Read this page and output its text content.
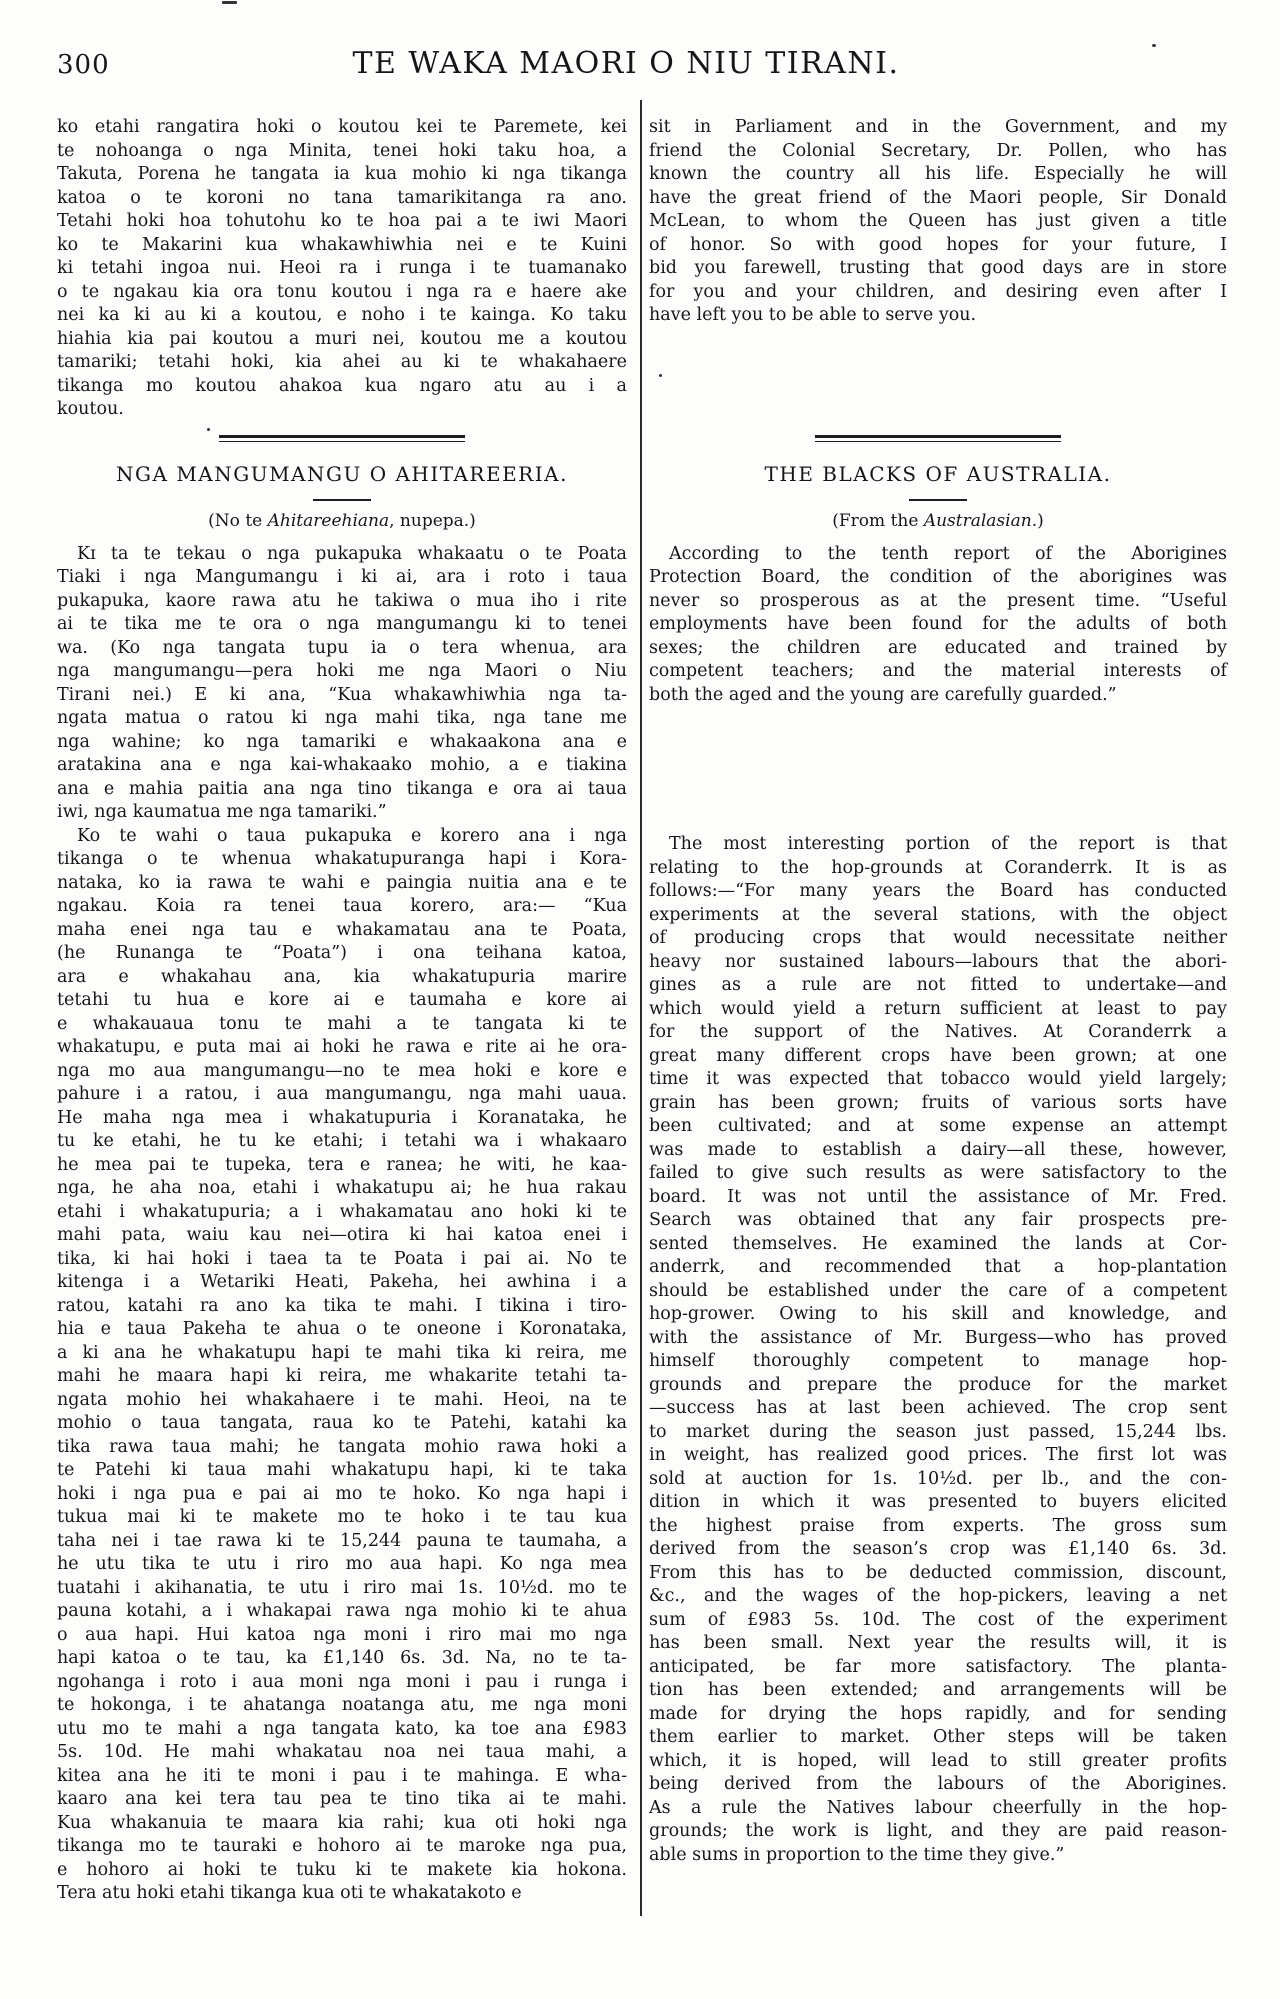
300	TE WAKA MAORI O NIU TIRANI.
ko etahi rangatira hoki o koutou kei te Paremete, kei
te nohoanga o nga Minita, tenei hoki taku hoa, a
Takuta, Porena he tangata ia kua mohio ki nga tikanga
katoa o te koroni no tana tamarikitanga ra ano.
Tetahi hoki hoa tohutohu ko te hoa pai a te iwi Maori
ko te Makarini kua whakawhiwhia nei e te Kuini
ki tetahi ingoa nui. Heoi ra i runga i te tuamanako
o te ngakau kia ora tonu koutou i nga ra e haere ake
nei ka ki au ki a koutou, e noho i te kainga. Ko taku
hiahia kia pai koutou a muri nei, koutou me a koutou
tamariki; tetahi hoki, kia ahei au ki te whakahaere
tikanga mo koutou ahakoa kua ngaro atu au i a
koutou.
NGA MANGUMANGU O AHITAREERIA.
(No te Ahitareehiana, nupepa.)
Kɪ ta te tekau o nga pukapuka whakaatu o te Poata
Tiaki i nga Mangumangu i ki ai, ara i roto i taua
pukapuka, kaore rawa atu he takiwa o mua iho i rite
ai te tika me te ora o nga mangumangu ki to tenei
wa. (Ko nga tangata tupu ia o tera whenua, ara
nga mangumangu—pera hoki me nga Maori o Niu
Tirani nei.) E ki ana, “Kua whakawhiwhia nga ta-
ngata matua o ratou ki nga mahi tika, nga tane me
nga wahine; ko nga tamariki e whakaakona ana e
aratakina ana e nga kai-whakaako mohio, a e tiakina
ana e mahia paitia ana nga tino tikanga e ora ai taua
iwi, nga kaumatua me nga tamariki.”
Ko te wahi o taua pukapuka e korero ana i nga
tikanga o te whenua whakatupuranga hapi i Kora-
nataka, ko ia rawa te wahi e paingia nuitia ana e te
ngakau. Koia ra tenei taua korero, ara:— “Kua
maha enei nga tau e whakamatau ana te Poata,
(he Runanga te “Poata”) i ona teihana katoa,
ara e whakahau ana, kia whakatupuria marire
tetahi tu hua e kore ai e taumaha e kore ai
e whakauaua tonu te mahi a te tangata ki te
whakatupu, e puta mai ai hoki he rawa e rite ai he ora-
nga mo aua mangumangu—no te mea hoki e kore e
pahure i a ratou, i aua mangumangu, nga mahi uaua.
He maha nga mea i whakatupuria i Koranataka, he
tu ke etahi, he tu ke etahi; i tetahi wa i whakaaro
he mea pai te tupeka, tera e ranea; he witi, he kaa-
nga, he aha noa, etahi i whakatupu ai; he hua rakau
etahi i whakatupuria; a i whakamatau ano hoki ki te
mahi pata, waiu kau nei—otira ki hai katoa enei i
tika, ki hai hoki i taea ta te Poata i pai ai. No te
kitenga i a Wetariki Heati, Pakeha, hei awhina i a
ratou, katahi ra ano ka tika te mahi. I tikina i tiro-
hia e taua Pakeha te ahua o te oneone i Koronataka,
a ki ana he whakatupu hapi te mahi tika ki reira, me
mahi he maara hapi ki reira, me whakarite tetahi ta-
ngata mohio hei whakahaere i te mahi. Heoi, na te
mohio o taua tangata, raua ko te Patehi, katahi ka
tika rawa taua mahi; he tangata mohio rawa hoki a
te Patehi ki taua mahi whakatupu hapi, ki te taka
hoki i nga pua e pai ai mo te hoko. Ko nga hapi i
tukua mai ki te makete mo te hoko i te tau kua
taha nei i tae rawa ki te 15,244 pauna te taumaha, a
he utu tika te utu i riro mo aua hapi. Ko nga mea
tuatahi i akihanatia, te utu i riro mai 1s. 10½d. mo te
pauna kotahi, a i whakapai rawa nga mohio ki te ahua
o aua hapi. Hui katoa nga moni i riro mai mo nga
hapi katoa o te tau, ka £1,140 6s. 3d. Na, no te ta-
ngohanga i roto i aua moni nga moni i pau i runga i
te hokonga, i te ahatanga noatanga atu, me nga moni
utu mo te mahi a nga tangata kato, ka toe ana £983
5s. 10d. He mahi whakatau noa nei taua mahi, a
kitea ana he iti te moni i pau i te mahinga. E wha-
kaaro ana kei tera tau pea te tino tika ai te mahi.
Kua whakanuia te maara kia rahi; kua oti hoki nga
tikanga mo te tauraki e hohoro ai te maroke nga pua,
e hohoro ai hoki te tuku ki te makete kia hokona.
Tera atu hoki etahi tikanga kua oti te whakatakoto e
sit in Parliament and in the Government, and my
friend the Colonial Secretary, Dr. Pollen, who has
known the country all his life. Especially he will
have the great friend of the Maori people, Sir Donald
McLean, to whom the Queen has just given a title
of honor. So with good hopes for your future, I
bid you farewell, trusting that good days are in store
for you and your children, and desiring even after I
have left you to be able to serve you.
THE BLACKS OF AUSTRALIA.
(From the Australasian.)
According to the tenth report of the Aborigines
Protection Board, the condition of the aborigines was
never so prosperous as at the present time. “Useful
employments have been found for the adults of both
sexes; the children are educated and trained by
competent teachers; and the material interests of
both the aged and the young are carefully guarded.”
The most interesting portion of the report is that
relating to the hop-grounds at Coranderrk. It is as
follows:—“For many years the Board has conducted
experiments at the several stations, with the object
of producing crops that would necessitate neither
heavy nor sustained labours—labours that the abori-
gines as a rule are not fitted to undertake—and
which would yield a return sufficient at least to pay
for the support of the Natives. At Coranderrk a
great many different crops have been grown; at one
time it was expected that tobacco would yield largely;
grain has been grown; fruits of various sorts have
been cultivated; and at some expense an attempt
was made to establish a dairy—all these, however,
failed to give such results as were satisfactory to the
board. It was not until the assistance of Mr. Fred.
Search was obtained that any fair prospects pre-
sented themselves. He examined the lands at Cor-
anderrk, and recommended that a hop-plantation
should be established under the care of a competent
hop-grower. Owing to his skill and knowledge, and
with the assistance of Mr. Burgess—who has proved
himself thoroughly competent to manage hop-
grounds and prepare the produce for the market
—success has at last been achieved. The crop sent
to market during the season just passed, 15,244 lbs.
in weight, has realized good prices. The first lot was
sold at auction for 1s. 10½d. per lb., and the con-
dition in which it was presented to buyers elicited
the highest praise from experts. The gross sum
derived from the season’s crop was £1,140 6s. 3d.
From this has to be deducted commission, discount,
&c., and the wages of the hop-pickers, leaving a net
sum of £983 5s. 10d. The cost of the experiment
has been small. Next year the results will, it is
anticipated, be far more satisfactory. The planta-
tion has been extended; and arrangements will be
made for drying the hops rapidly, and for sending
them earlier to market. Other steps will be taken
which, it is hoped, will lead to still greater profits
being derived from the labours of the Aborigines.
As a rule the Natives labour cheerfully in the hop-
grounds; the work is light, and they are paid reason-
able sums in proportion to the time they give.”
